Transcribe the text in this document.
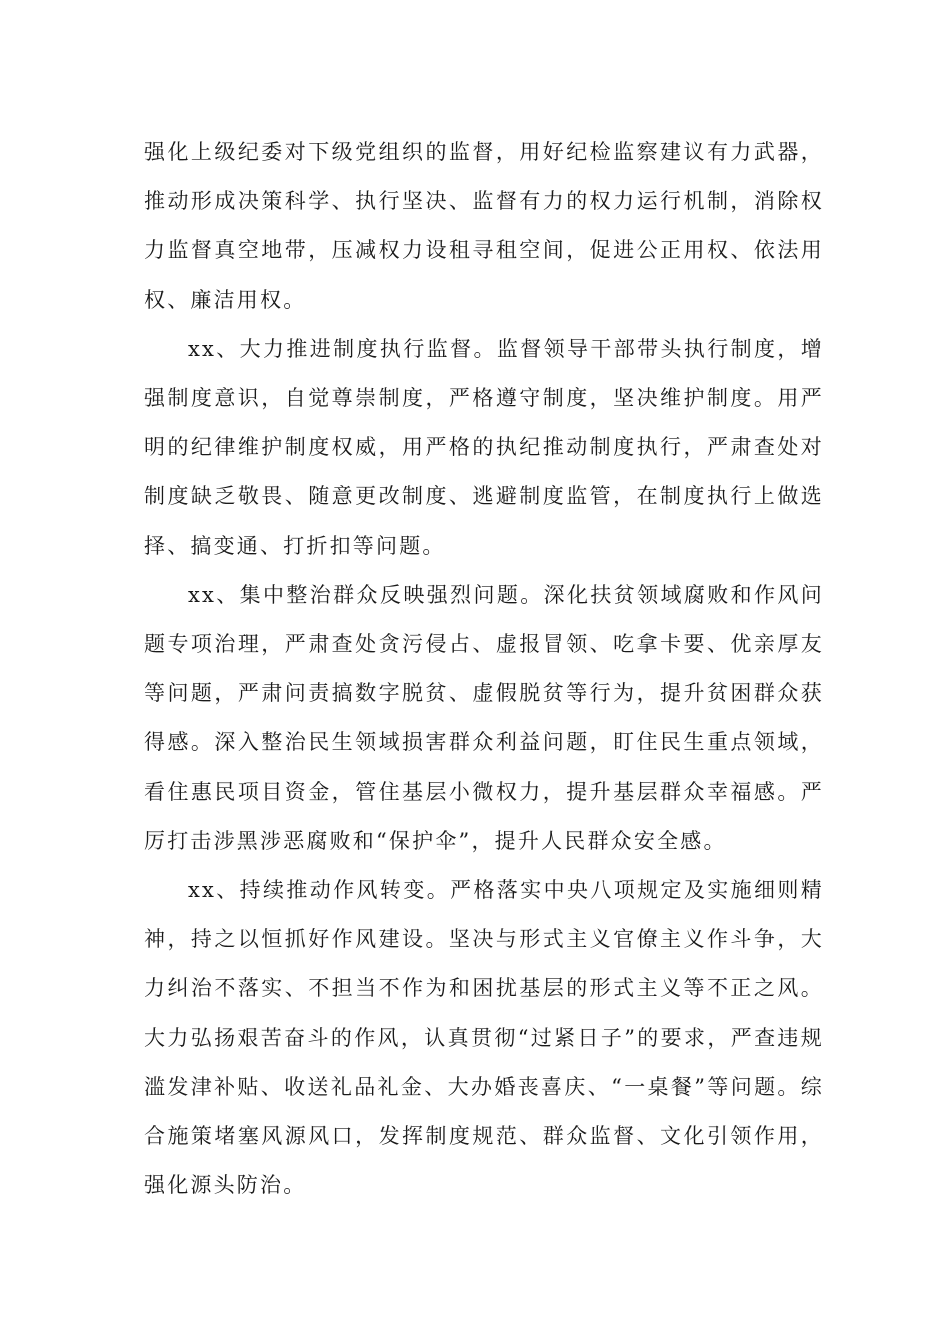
强化上级纪委对下级党组织的监督，用好纪检监察建议有力武器，推动形成决策科学、执行坚决、监督有力的权力运行机制，消除权力监督真空地带，压减权力设租寻租空间，促进公正用权、依法用权、廉洁用权。

xx、大力推进制度执行监督。监督领导干部带头执行制度，增强制度意识，自觉尊崇制度，严格遵守制度，坚决维护制度。用严明的纪律维护制度权威，用严格的执纪推动制度执行，严肃查处对制度缺乏敬畏、随意更改制度、逃避制度监管，在制度执行上做选择、搞变通、打折扣等问题。

xx、集中整治群众反映强烈问题。深化扶贫领域腐败和作风问题专项治理，严肃查处贪污侵占、虚报冒领、吃拿卡要、优亲厚友等问题，严肃问责搞数字脱贫、虚假脱贫等行为，提升贫困群众获得感。深入整治民生领域损害群众利益问题，盯住民生重点领域，看住惠民项目资金，管住基层小微权力，提升基层群众幸福感。严厉打击涉黑涉恶腐败和“保护伞”，提升人民群众安全感。

xx、持续推动作风转变。严格落实中央八项规定及实施细则精神，持之以恒抓好作风建设。坚决与形式主义官僚主义作斗争，大力纠治不落实、不担当不作为和困扰基层的形式主义等不正之风。大力弘扬艰苦奋斗的作风，认真贯彻“过紧日子”的要求，严查违规滥发津补贴、收送礼品礼金、大办婚丧喜庆、“一桌餐”等问题。综合施策堵塞风源风口，发挥制度规范、群众监督、文化引领作用，强化源头防治。
